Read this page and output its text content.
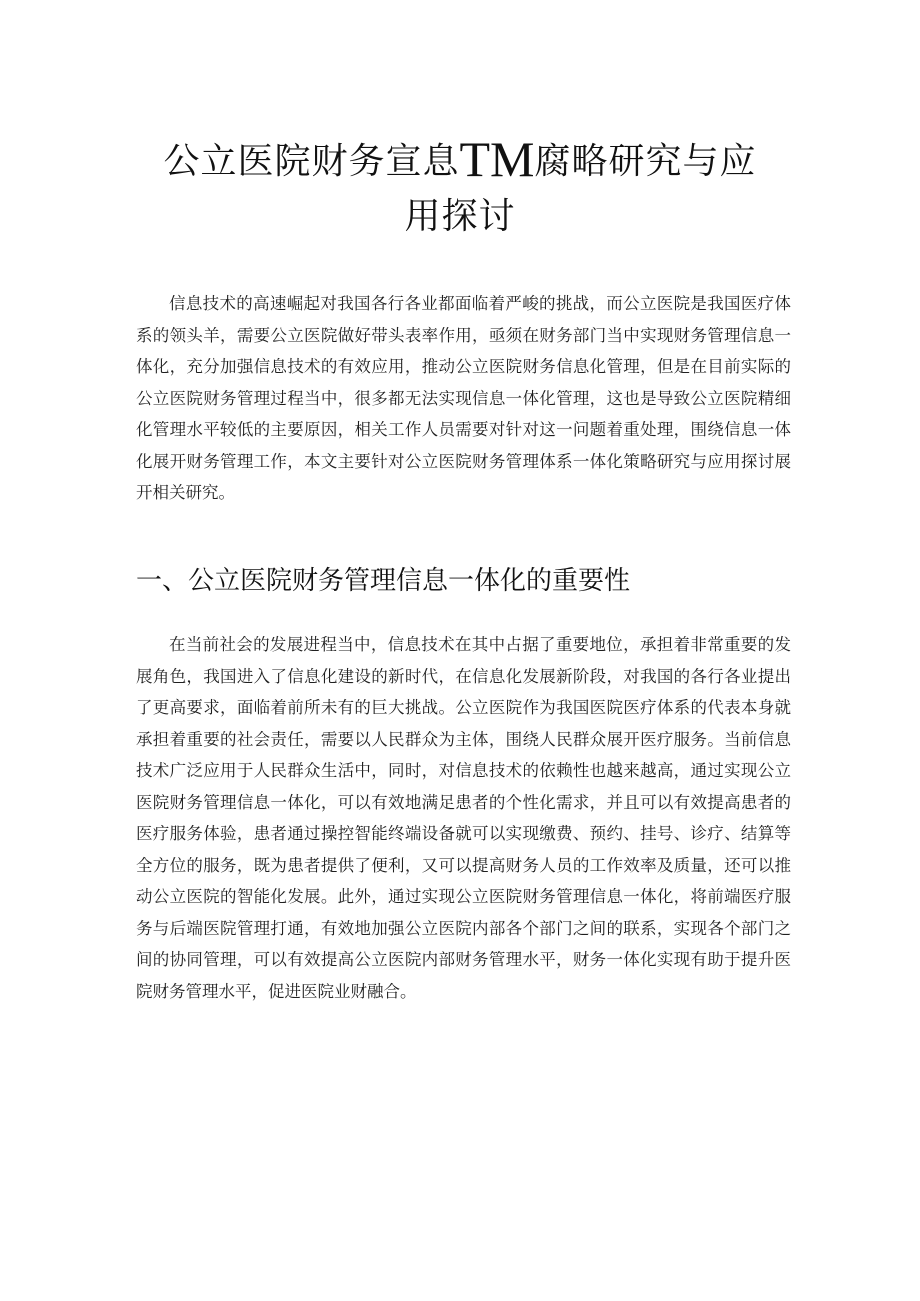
公立医院财务宣息TM腐略研究与应
用探讨

信息技术的高速崛起对我国各行各业都面临着严峻的挑战，而公立医院是我国医疗体系的领头羊，需要公立医院做好带头表率作用，亟须在财务部门当中实现财务管理信息一体化，充分加强信息技术的有效应用，推动公立医院财务信息化管理，但是在目前实际的公立医院财务管理过程当中，很多都无法实现信息一体化管理，这也是导致公立医院精细化管理水平较低的主要原因，相关工作人员需要对针对这一问题着重处理，围绕信息一体化展开财务管理工作，本文主要针对公立医院财务管理体系一体化策略研究与应用探讨展开相关研究。

一、公立医院财务管理信息一体化的重要性

在当前社会的发展进程当中，信息技术在其中占据了重要地位，承担着非常重要的发展角色，我国进入了信息化建设的新时代，在信息化发展新阶段，对我国的各行各业提出了更高要求，面临着前所未有的巨大挑战。公立医院作为我国医院医疗体系的代表本身就承担着重要的社会责任，需要以人民群众为主体，围绕人民群众展开医疗服务。当前信息技术广泛应用于人民群众生活中，同时，对信息技术的依赖性也越来越高，通过实现公立医院财务管理信息一体化，可以有效地满足患者的个性化需求，并且可以有效提高患者的医疗服务体验，患者通过操控智能终端设备就可以实现缴费、预约、挂号、诊疗、结算等全方位的服务，既为患者提供了便利，又可以提高财务人员的工作效率及质量，还可以推动公立医院的智能化发展。此外，通过实现公立医院财务管理信息一体化，将前端医疗服务与后端医院管理打通，有效地加强公立医院内部各个部门之间的联系，实现各个部门之间的协同管理，可以有效提高公立医院内部财务管理水平，财务一体化实现有助于提升医院财务管理水平，促进医院业财融合。
